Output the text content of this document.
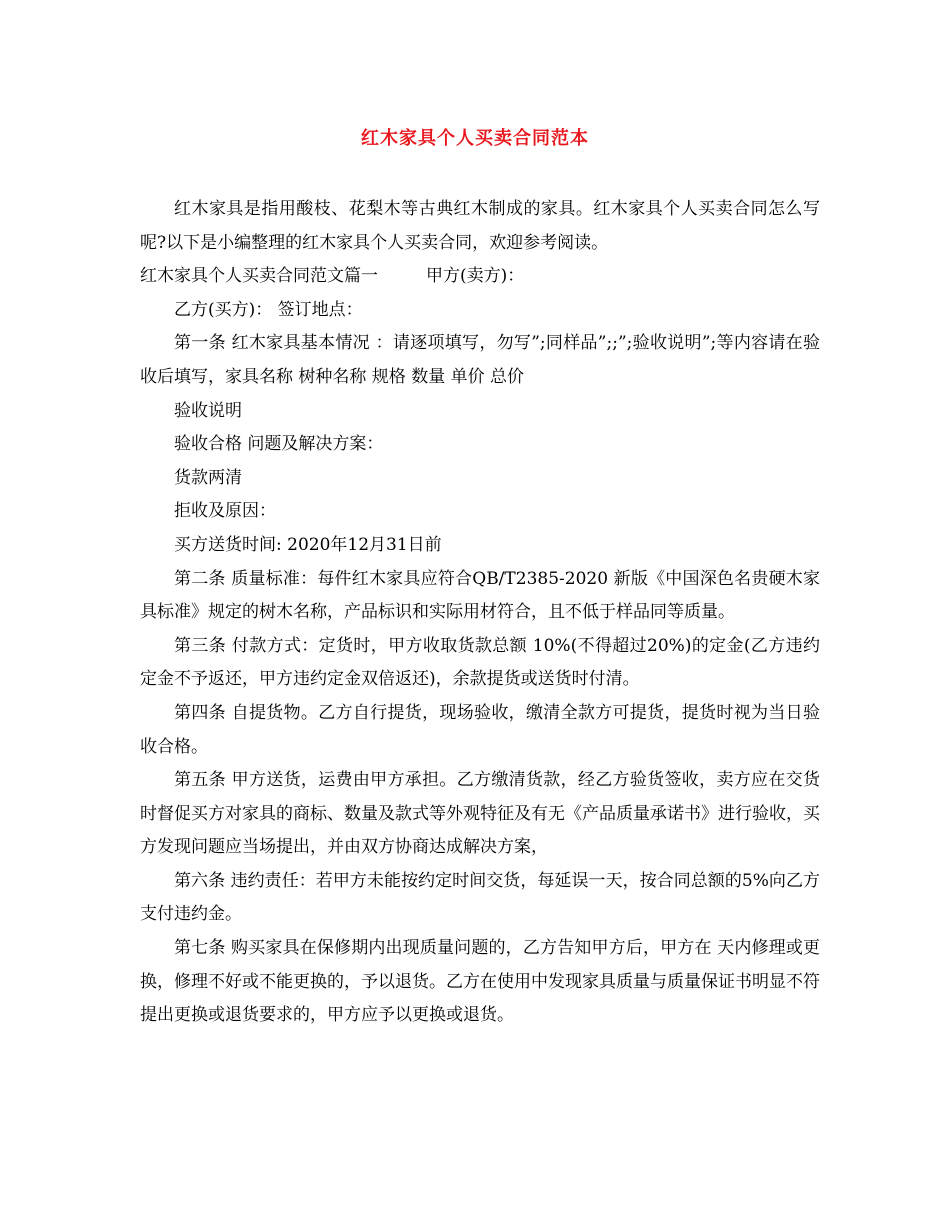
红木家具个人买卖合同范本

红木家具是指用酸枝、花梨木等古典红木制成的家具。红木家具个人买卖合同怎么写呢?以下是小编整理的红木家具个人买卖合同，欢迎参考阅读。

红木家具个人买卖合同范文篇一	甲方(卖方)：

乙方(买方)： 签订地点：

第一条 红木家具基本情况 ：请逐项填写，勿写”;同样品”;;”;验收说明”;等内容请在验收后填写，家具名称 树种名称 规格 数量 单价 总价

验收说明

验收合格 问题及解决方案：

货款两清

拒收及原因：

买方送货时间: 2020年12月31日前

第二条 质量标准：每件红木家具应符合QB/T2385-2020 新版《中国深色名贵硬木家具标准》规定的树木名称，产品标识和实际用材符合，且不低于样品同等质量。

第三条 付款方式：定货时，甲方收取货款总额 10%(不得超过20%)的定金(乙方违约定金不予返还，甲方违约定金双倍返还)，余款提货或送货时付清。

第四条 自提货物。乙方自行提货，现场验收，缴清全款方可提货，提货时视为当日验收合格。

第五条 甲方送货，运费由甲方承担。乙方缴清货款，经乙方验货签收，卖方应在交货时督促买方对家具的商标、数量及款式等外观特征及有无《产品质量承诺书》进行验收，买方发现问题应当场提出，并由双方协商达成解决方案，

第六条 违约责任：若甲方未能按约定时间交货，每延误一天，按合同总额的5%向乙方支付违约金。

第七条 购买家具在保修期内出现质量问题的，乙方告知甲方后，甲方在 天内修理或更换，修理不好或不能更换的，予以退货。乙方在使用中发现家具质量与质量保证书明显不符提出更换或退货要求的，甲方应予以更换或退货。
